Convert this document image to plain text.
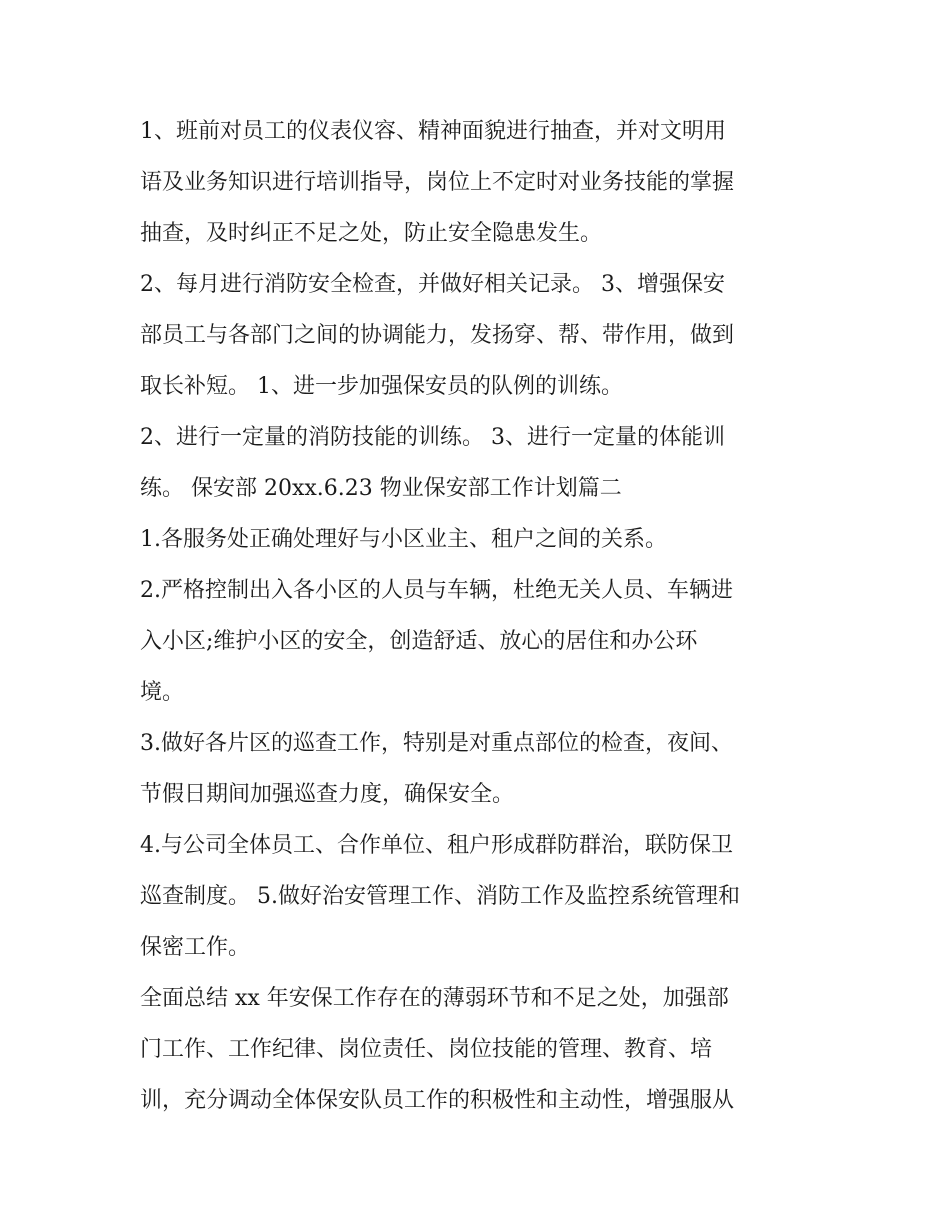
1、班前对员工的仪表仪容、精神面貌进行抽查，并对文明用
语及业务知识进行培训指导，岗位上不定时对业务技能的掌握
抽查，及时纠正不足之处，防止安全隐患发生。
2、每月进行消防安全检查，并做好相关记录。 3、增强保安
部员工与各部门之间的协调能力，发扬穿、帮、带作用，做到
取长补短。 1、进一步加强保安员的队例的训练。
2、进行一定量的消防技能的训练。 3、进行一定量的体能训
练。 保安部 20xx.6.23 物业保安部工作计划篇二
1.各服务处正确处理好与小区业主、租户之间的关系。
2.严格控制出入各小区的人员与车辆，杜绝无关人员、车辆进
入小区;维护小区的安全，创造舒适、放心的居住和办公环
境。
3.做好各片区的巡查工作，特别是对重点部位的检查，夜间、
节假日期间加强巡查力度，确保安全。
4.与公司全体员工、合作单位、租户形成群防群治，联防保卫
巡查制度。 5.做好治安管理工作、消防工作及监控系统管理和
保密工作。
全面总结 xx 年安保工作存在的薄弱环节和不足之处，加强部
门工作、工作纪律、岗位责任、岗位技能的管理、教育、培
训，充分调动全体保安队员工作的积极性和主动性，增强服从
